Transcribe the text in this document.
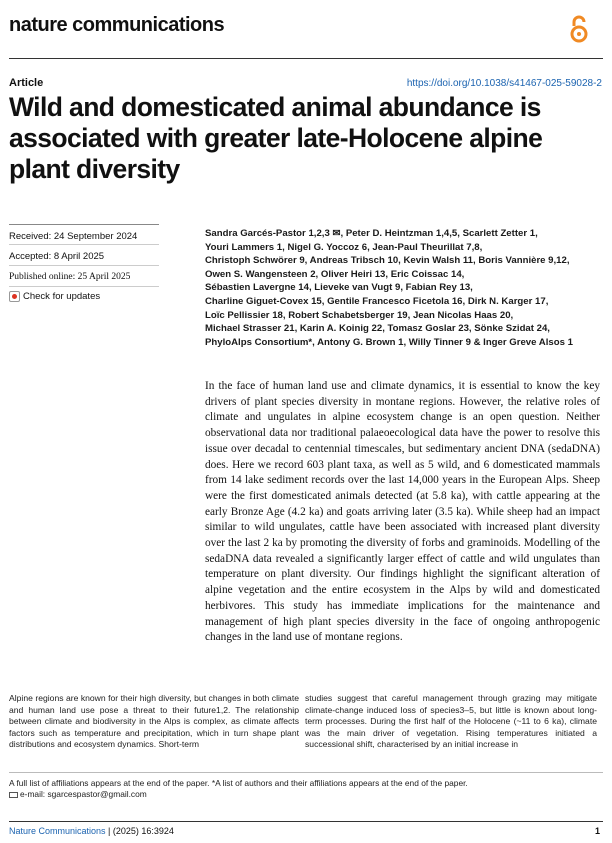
nature communications
Article	https://doi.org/10.1038/s41467-025-59028-2
Wild and domesticated animal abundance is associated with greater late-Holocene alpine plant diversity
Received: 24 September 2024
Accepted: 8 April 2025
Published online: 25 April 2025
Check for updates
Sandra Garcés-Pastor 1,2,3 ✉, Peter D. Heintzman 1,4,5, Scarlett Zetter 1,
Youri Lammers 1, Nigel G. Yoccoz 6, Jean-Paul Theurillat 7,8,
Christoph Schwörer 9, Andreas Tribsch 10, Kevin Walsh 11, Boris Vannière 9,12,
Owen S. Wangensteen 2, Oliver Heiri 13, Eric Coissac 14,
Sébastien Lavergne 14, Lieveke van Vugt 9, Fabian Rey 13,
Charline Giguet-Covex 15, Gentile Francesco Ficetola 16, Dirk N. Karger 17,
Loïc Pellissier 18, Robert Schabetsberger 19, Jean Nicolas Haas 20,
Michael Strasser 21, Karin A. Koinig 22, Tomasz Goslar 23, Sönke Szidat 24,
PhyloAlps Consortium*, Antony G. Brown 1, Willy Tinner 9 & Inger Greve Alsos 1

In the face of human land use and climate dynamics, it is essential to know the key drivers of plant species diversity in montane regions. However, the relative roles of climate and ungulates in alpine ecosystem change is an open question. Neither observational data nor traditional palaeoecological data have the power to resolve this issue over decadal to centennial timescales, but sedimentary ancient DNA (sedaDNA) does. Here we record 603 plant taxa, as well as 5 wild, and 6 domesticated mammals from 14 lake sediment records over the last 14,000 years in the European Alps. Sheep were the first domesticated animals detected (at 5.8 ka), with cattle appearing at the early Bronze Age (4.2 ka) and goats arriving later (3.5 ka). While sheep had an impact similar to wild ungulates, cattle have been associated with increased plant diversity over the last 2 ka by promoting the diversity of forbs and graminoids. Modelling of the sedaDNA data revealed a significantly larger effect of cattle and wild ungulates than temperature on plant diversity. Our findings highlight the significant alteration of alpine vegetation and the entire ecosystem in the Alps by wild and domesticated herbivores. This study has immediate implications for the maintenance and management of high plant species diversity in the face of ongoing anthropogenic changes in the land use of montane regions.

Alpine regions are known for their high diversity, but changes in both climate and human land use pose a threat to their future1,2. The relationship between climate and biodiversity in the Alps is complex, as climate affects factors such as temperature and precipitation, which in turn shape plant distributions and ecosystem dynamics. Short-term
studies suggest that careful management through grazing may mitigate climate-change induced loss of species3–5, but little is known about long-term processes. During the first half of the Holocene (~11 to 6 ka), climate was the main driver of vegetation. Rising temperatures initiated a successional shift, characterised by an initial increase in
A full list of affiliations appears at the end of the paper. *A list of authors and their affiliations appears at the end of the paper.
e-mail: sgarcespastor@gmail.com
Nature Communications | (2025) 16:3924	1
